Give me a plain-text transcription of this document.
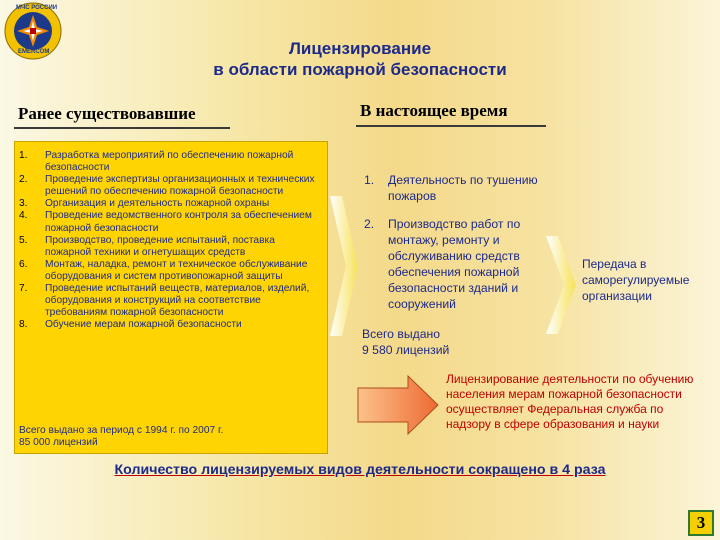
МЧС РОССИИ
EMERCOM	Лицензирование
в области пожарной безопасности
Ранее существовавшие	В настоящее время
1. Разработка мероприятий по обеспечению пожарной безопасности
2. Проведение экспертизы организационных и технических решений по обеспечению пожарной безопасности
3. Организация и деятельность пожарной охраны
4. Проведение ведомственного контроля за обеспечением пожарной безопасности
5. Производство, проведение испытаний, поставка пожарной техники и огнетушащих средств
6. Монтаж, наладка, ремонт и техническое обслуживание оборудования и систем противопожарной защиты
7. Проведение испытаний веществ, материалов, изделий, оборудования и конструкций на соответствие требованиям пожарной безопасности
8. Обучение мерам пожарной безопасности
Всего выдано за период с 1994 г. по 2007 г.
85 000 лицензий
1. Деятельность по тушению пожаров
2. Производство работ по монтажу, ремонту и обслуживанию средств обеспечения пожарной безопасности зданий и сооружений
Передача в саморегулируемые организации
Всего выдано
9 580 лицензий
Лицензирование деятельности по обучению населения мерам пожарной безопасности осуществляет Федеральная служба по надзору в сфере образования и науки
Количество лицензируемых видов деятельности сокращено в 4 раза
3
